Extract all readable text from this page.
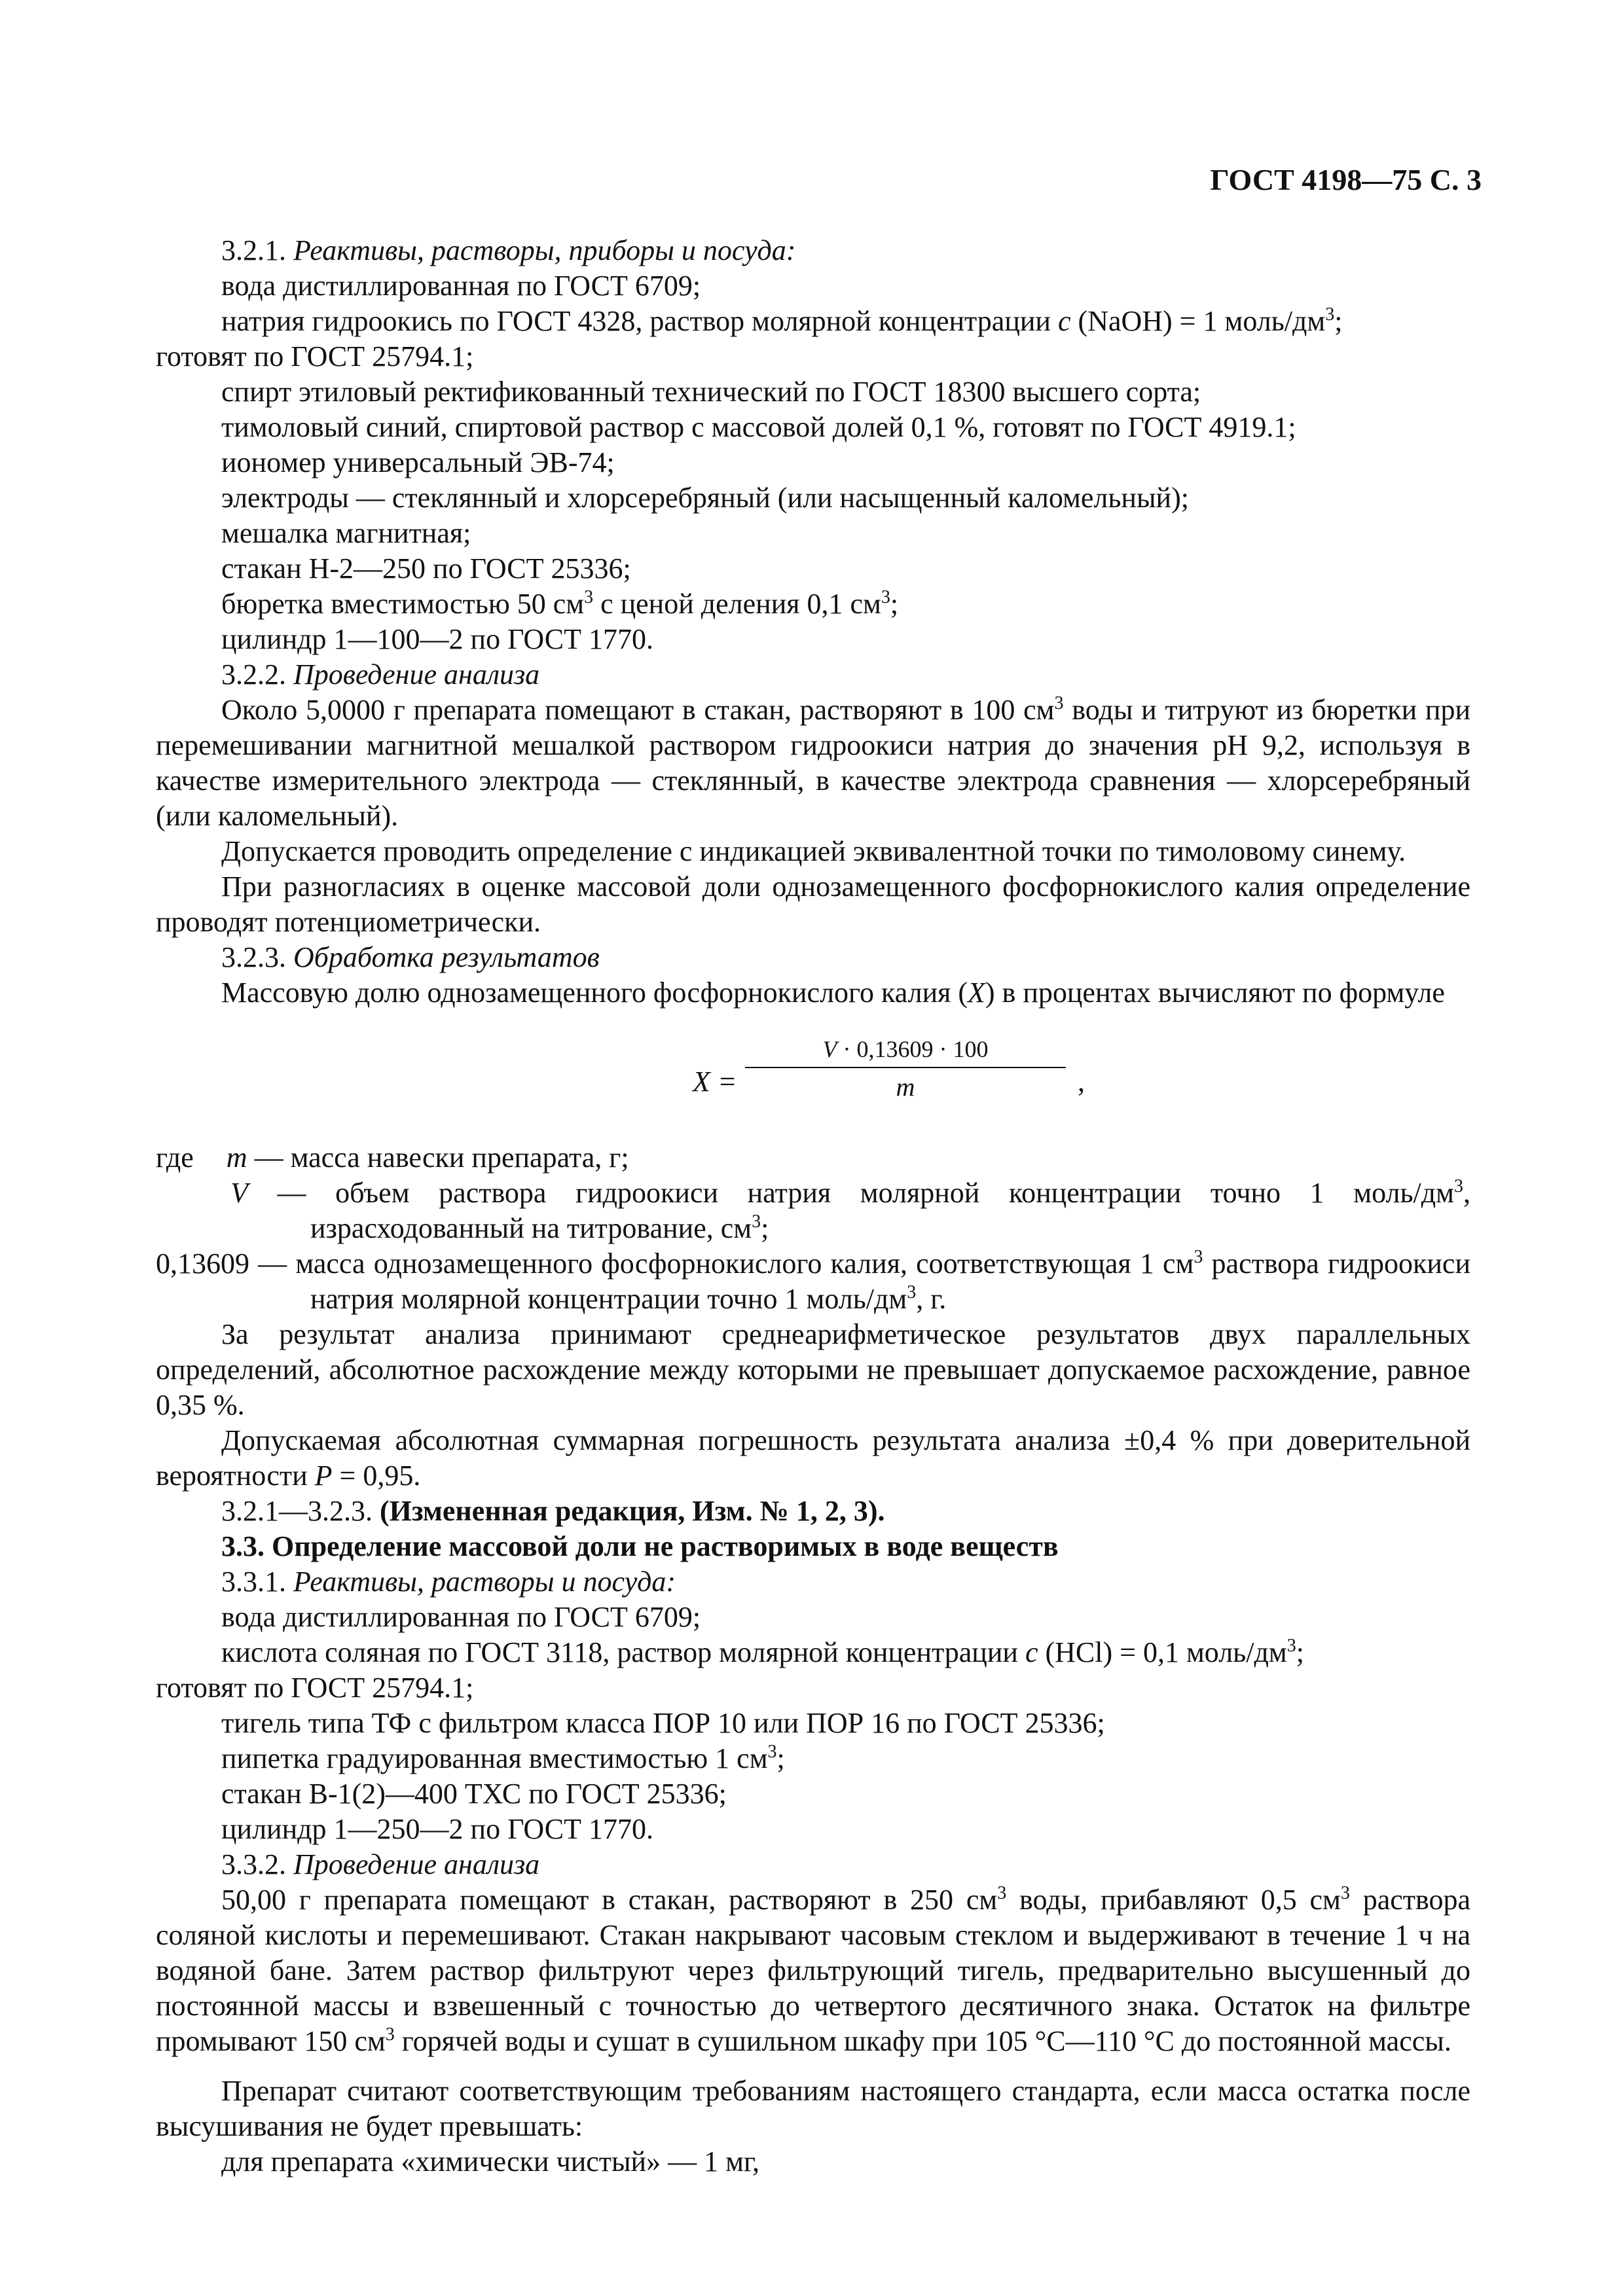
ГОСТ 4198—75 С. 3

3.2.1. Реактивы, растворы, приборы и посуда:

вода дистиллированная по ГОСТ 6709;

натрия гидроокись по ГОСТ 4328, раствор молярной концентрации c (NaOH) = 1 моль/$дм^3$;

готовят по ГОСТ 25794.1;

спирт этиловый ректификованный технический по ГОСТ 18300 высшего сорта;

тимоловый синий, спиртовой раствор с массовой долей 0,1 %, готовят по ГОСТ 4919.1;

иономер универсальный ЭВ-74;

электроды — стеклянный и хлорсеребряный (или насыщенный каломельный);

мешалка магнитная;

стакан Н-2—250 по ГОСТ 25336;

бюретка вместимостью 50 $см^3$ с ценой деления 0,1 $см^3$;

цилиндр 1—100—2 по ГОСТ 1770.

3.2.2. Проведение анализа

Около 5,0000 г препарата помещают в стакан, растворяют в 100 $см^3$ воды и титруют из бюретки при перемешивании магнитной мешалкой раствором гидроокиси натрия до значения pH 9,2, используя в качестве измерительного электрода — стеклянный, в качестве электрода сравнения — хлорсеребряный (или каломельный).

Допускается проводить определение с индикацией эквивалентной точки по тимоловому синему.

При разногласиях в оценке массовой доли однозамещенного фосфорнокислого калия определение проводят потенциометрически.

3.2.3. Обработка результатов

Массовую долю однозамещенного фосфорнокислого калия (X) в процентах вычисляют по формуле

X =
V · 0,13609 · 100
m	,

где m — масса навески препарата, г;

V — объем раствора гидроокиси натрия молярной концентрации точно 1 моль/$дм^3$, израсходованный на титрование, $см^3$;

0,13609 — масса однозамещенного фосфорнокислого калия, соответствующая 1 $см^3$ раствора гидроокиси натрия молярной концентрации точно 1 моль/$дм^3$, г.

За результат анализа принимают среднеарифметическое результатов двух параллельных определений, абсолютное расхождение между которыми не превышает допускаемое расхождение, равное 0,35 %.

Допускаемая абсолютная суммарная погрешность результата анализа ±0,4 % при доверительной вероятности P = 0,95.

3.2.1—3.2.3. (Измененная редакция, Изм. № 1, 2, 3).

3.3. Определение массовой доли не растворимых в воде веществ

3.3.1. Реактивы, растворы и посуда:

вода дистиллированная по ГОСТ 6709;

кислота соляная по ГОСТ 3118, раствор молярной концентрации c (HCl) = 0,1 моль/$дм^3$;

готовят по ГОСТ 25794.1;

тигель типа ТФ с фильтром класса ПОР 10 или ПОР 16 по ГОСТ 25336;

пипетка градуированная вместимостью 1 $см^3$;

стакан В-1(2)—400 ТХС по ГОСТ 25336;

цилиндр 1—250—2 по ГОСТ 1770.

3.3.2. Проведение анализа

50,00 г препарата помещают в стакан, растворяют в 250 $см^3$ воды, прибавляют 0,5 $см^3$ раствора соляной кислоты и перемешивают. Стакан накрывают часовым стеклом и выдерживают в течение 1 ч на водяной бане. Затем раствор фильтруют через фильтрующий тигель, предварительно высушенный до постоянной массы и взвешенный с точностью до четвертого десятичного знака. Остаток на фильтре промывают 150 $см^3$ горячей воды и сушат в сушильном шкафу при 105 °С—110 °С до постоянной массы.

Препарат считают соответствующим требованиям настоящего стандарта, если масса остатка после высушивания не будет превышать:

для препарата «химически чистый» — 1 мг,
